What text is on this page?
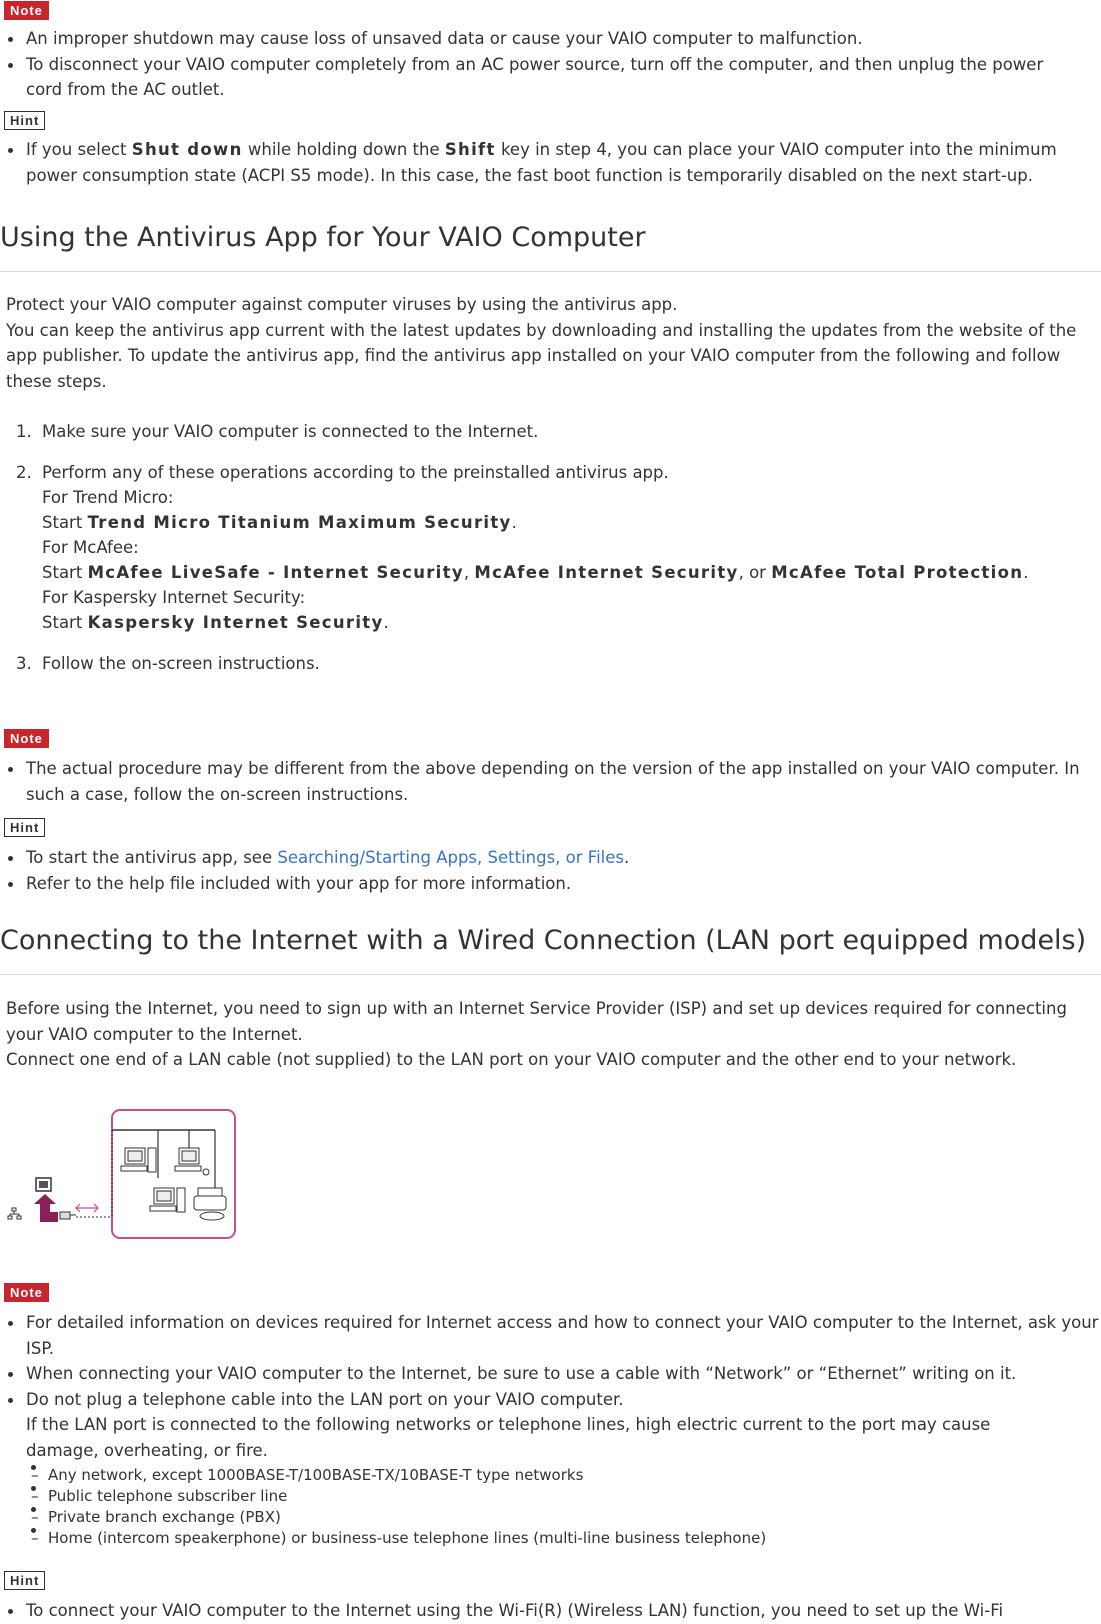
Note
An improper shutdown may cause loss of unsaved data or cause your VAIO computer to malfunction.
To disconnect your VAIO computer completely from an AC power source, turn off the computer, and then unplug the power cord from the AC outlet.
Hint
If you select Shut down while holding down the Shift key in step 4, you can place your VAIO computer into the minimum power consumption state (ACPI S5 mode). In this case, the fast boot function is temporarily disabled on the next start-up.
Using the Antivirus App for Your VAIO Computer
Protect your VAIO computer against computer viruses by using the antivirus app.
You can keep the antivirus app current with the latest updates by downloading and installing the updates from the website of the app publisher. To update the antivirus app, find the antivirus app installed on your VAIO computer from the following and follow these steps.
1. Make sure your VAIO computer is connected to the Internet.
2. Perform any of these operations according to the preinstalled antivirus app.
For Trend Micro:
Start Trend Micro Titanium Maximum Security.
For McAfee:
Start McAfee LiveSafe - Internet Security, McAfee Internet Security, or McAfee Total Protection.
For Kaspersky Internet Security:
Start Kaspersky Internet Security.
3. Follow the on-screen instructions.
Note
The actual procedure may be different from the above depending on the version of the app installed on your VAIO computer. In such a case, follow the on-screen instructions.
Hint
To start the antivirus app, see Searching/Starting Apps, Settings, or Files.
Refer to the help file included with your app for more information.
Connecting to the Internet with a Wired Connection (LAN port equipped models)
Before using the Internet, you need to sign up with an Internet Service Provider (ISP) and set up devices required for connecting your VAIO computer to the Internet.
Connect one end of a LAN cable (not supplied) to the LAN port on your VAIO computer and the other end to your network.
Note
For detailed information on devices required for Internet access and how to connect your VAIO computer to the Internet, ask your ISP.
When connecting your VAIO computer to the Internet, be sure to use a cable with “Network” or “Ethernet” writing on it.
Do not plug a telephone cable into the LAN port on your VAIO computer.
If the LAN port is connected to the following networks or telephone lines, high electric current to the port may cause damage, overheating, or fire.
– Any network, except 1000BASE-T/100BASE-TX/10BASE-T type networks
– Public telephone subscriber line
– Private branch exchange (PBX)
– Home (intercom speakerphone) or business-use telephone lines (multi-line business telephone)
Hint
To connect your VAIO computer to the Internet using the Wi-Fi(R) (Wireless LAN) function, you need to set up the Wi-Fi
